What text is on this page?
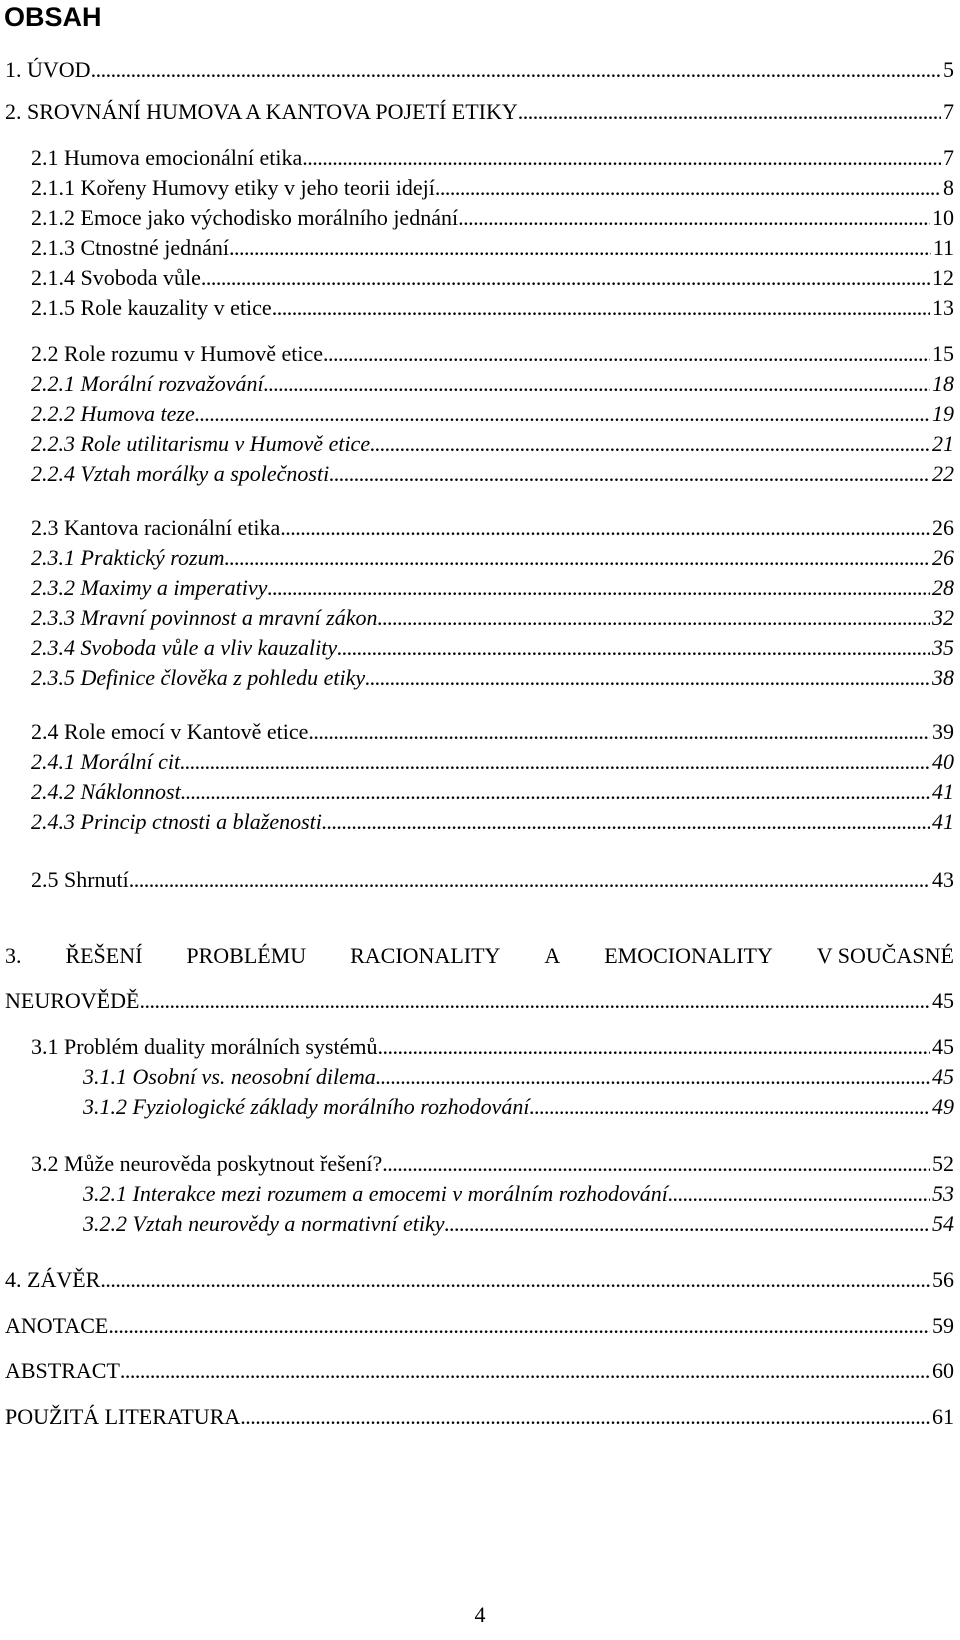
OBSAH
1. ÚVOD . . .	5
2. SROVNÁNÍ HUMOVA A KANTOVA POJETÍ ETIKY . . .	7
2.1 Humova emocionální etika . . .	7
2.1.1 Kořeny Humovy etiky v jeho teorii idejí . . .	8
2.1.2 Emoce jako východisko morálního jednání . . .	10
2.1.3 Ctnostné jednání . . .	11
2.1.4 Svoboda vůle . . .	12
2.1.5 Role kauzality v etice . . .	13
2.2 Role rozumu v Humově etice . . .	15
2.2.1 Morální rozvažování . . .	18
2.2.2 Humova teze . . .	19
2.2.3 Role utilitarismu v Humově etice . . .	21
2.2.4 Vztah morálky a společnosti . . .	22
2.3 Kantova racionální etika . . .	26
2.3.1 Praktický rozum . . .	26
2.3.2 Maximy a imperativy . . .	28
2.3.3 Mravní povinnost a mravní zákon . . .	32
2.3.4 Svoboda vůle a vliv kauzality . . .	35
2.3.5 Definice člověka z pohledu etiky . . .	38
2.4 Role emocí v Kantově etice . . .	39
2.4.1 Morální cit . . .	40
2.4.2 Náklonnost . . .	41
2.4.3 Princip ctnosti a blaženosti . . .	41
2.5 Shrnutí . . .	43
3. ŘEŠENÍ PROBLÉMU RACIONALITY A EMOCIONALITY V SOUČASNÉ
NEUROVĚDĚ . . .	45
3.1 Problém duality morálních systémů . . .	45
3.1.1 Osobní vs. neosobní dilema . . .	45
3.1.2 Fyziologické základy morálního rozhodování . . .	49
3.2 Může neurověda poskytnout řešení? . . .	52
3.2.1 Interakce mezi rozumem a emocemi v morálním rozhodování . . .	53
3.2.2 Vztah neurovědy a normativní etiky . . .	54
4. ZÁVĚR . . .	56
ANOTACE . . .	59
ABSTRACT . . .	60
POUŽITÁ LITERATURA . . .	61
4
